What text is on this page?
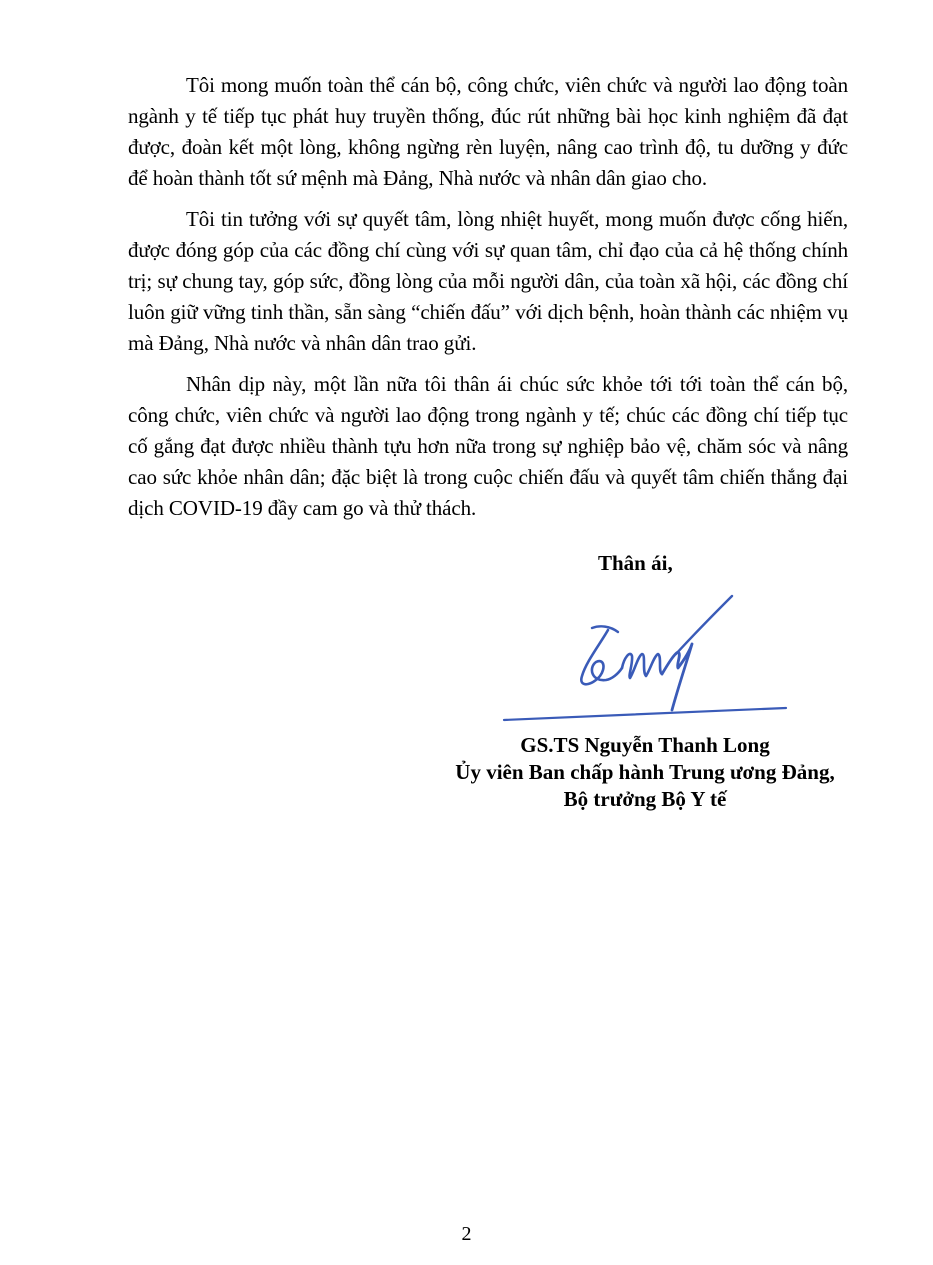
Tôi mong muốn toàn thể cán bộ, công chức, viên chức và người lao động toàn ngành y tế tiếp tục phát huy truyền thống, đúc rút những bài học kinh nghiệm đã đạt được, đoàn kết một lòng, không ngừng rèn luyện, nâng cao trình độ, tu dưỡng y đức để hoàn thành tốt sứ mệnh mà Đảng, Nhà nước và nhân dân giao cho.

Tôi tin tưởng với sự quyết tâm, lòng nhiệt huyết, mong muốn được cống hiến, được đóng góp của các đồng chí cùng với sự quan tâm, chỉ đạo của cả hệ thống chính trị; sự chung tay, góp sức, đồng lòng của mỗi người dân, của toàn xã hội, các đồng chí luôn giữ vững tinh thần, sẵn sàng “chiến đấu” với dịch bệnh, hoàn thành các nhiệm vụ mà Đảng, Nhà nước và nhân dân trao gửi.

Nhân dịp này, một lần nữa tôi thân ái chúc sức khỏe tới tới toàn thể cán bộ, công chức, viên chức và người lao động trong ngành y tế; chúc các đồng chí tiếp tục cố gắng đạt được nhiều thành tựu hơn nữa trong sự nghiệp bảo vệ, chăm sóc và nâng cao sức khỏe nhân dân; đặc biệt là trong cuộc chiến đấu và quyết tâm chiến thắng đại dịch COVID-19 đầy cam go và thử thách.

Thân ái,
GS.TS Nguyễn Thanh Long
Ủy viên Ban chấp hành Trung ương Đảng,
Bộ trưởng Bộ Y tế
2
